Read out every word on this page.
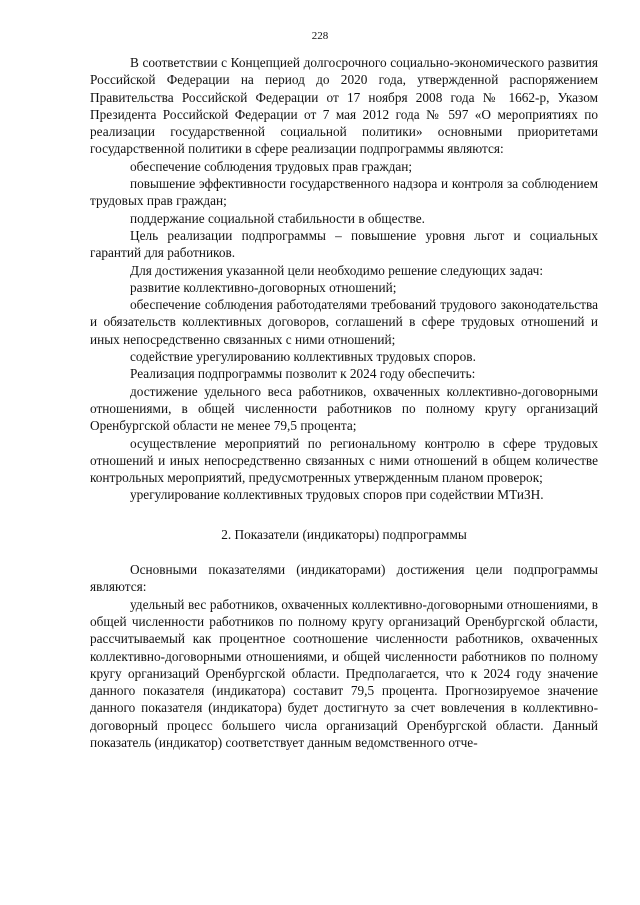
228

В соответствии с Концепцией долгосрочного социально-экономического развития Российской Федерации на период до 2020 года, утвержденной распоряжением Правительства Российской Федерации от 17 ноября 2008 года № 1662-р, Указом Президента Российской Федерации от 7 мая 2012 года № 597 «О мероприятиях по реализации государственной социальной политики» основными приоритетами государственной политики в сфере реализации подпрограммы являются:

обеспечение соблюдения трудовых прав граждан;

повышение эффективности государственного надзора и контроля за соблюдением трудовых прав граждан;

поддержание социальной стабильности в обществе.

Цель реализации подпрограммы – повышение уровня льгот и социальных гарантий для работников.

Для достижения указанной цели необходимо решение следующих задач:

развитие коллективно-договорных отношений;

обеспечение соблюдения работодателями требований трудового законодательства и обязательств коллективных договоров, соглашений в сфере трудовых отношений и иных непосредственно связанных с ними отношений;

содействие урегулированию коллективных трудовых споров.

Реализация подпрограммы позволит к 2024 году обеспечить:

достижение удельного веса работников, охваченных коллективно-договорными отношениями, в общей численности работников по полному кругу организаций Оренбургской области не менее 79,5 процента;

осуществление мероприятий по региональному контролю в сфере трудовых отношений и иных непосредственно связанных с ними отношений в общем количестве контрольных мероприятий, предусмотренных утвержденным планом проверок;

урегулирование коллективных трудовых споров при содействии МТиЗН.

2. Показатели (индикаторы) подпрограммы

Основными показателями (индикаторами) достижения цели подпрограммы являются:

удельный вес работников, охваченных коллективно-договорными отношениями, в общей численности работников по полному кругу организаций Оренбургской области, рассчитываемый как процентное соотношение численности работников, охваченных коллективно-договорными отношениями, и общей численности работников по полному кругу организаций Оренбургской области. Предполагается, что к 2024 году значение данного показателя (индикатора) составит 79,5 процента. Прогнозируемое значение данного показателя (индикатора) будет достигнуто за счет вовлечения в коллективно-договорный процесс большего числа организаций Оренбургской области. Данный показатель (индикатор) соответствует данным ведомственного отче-
